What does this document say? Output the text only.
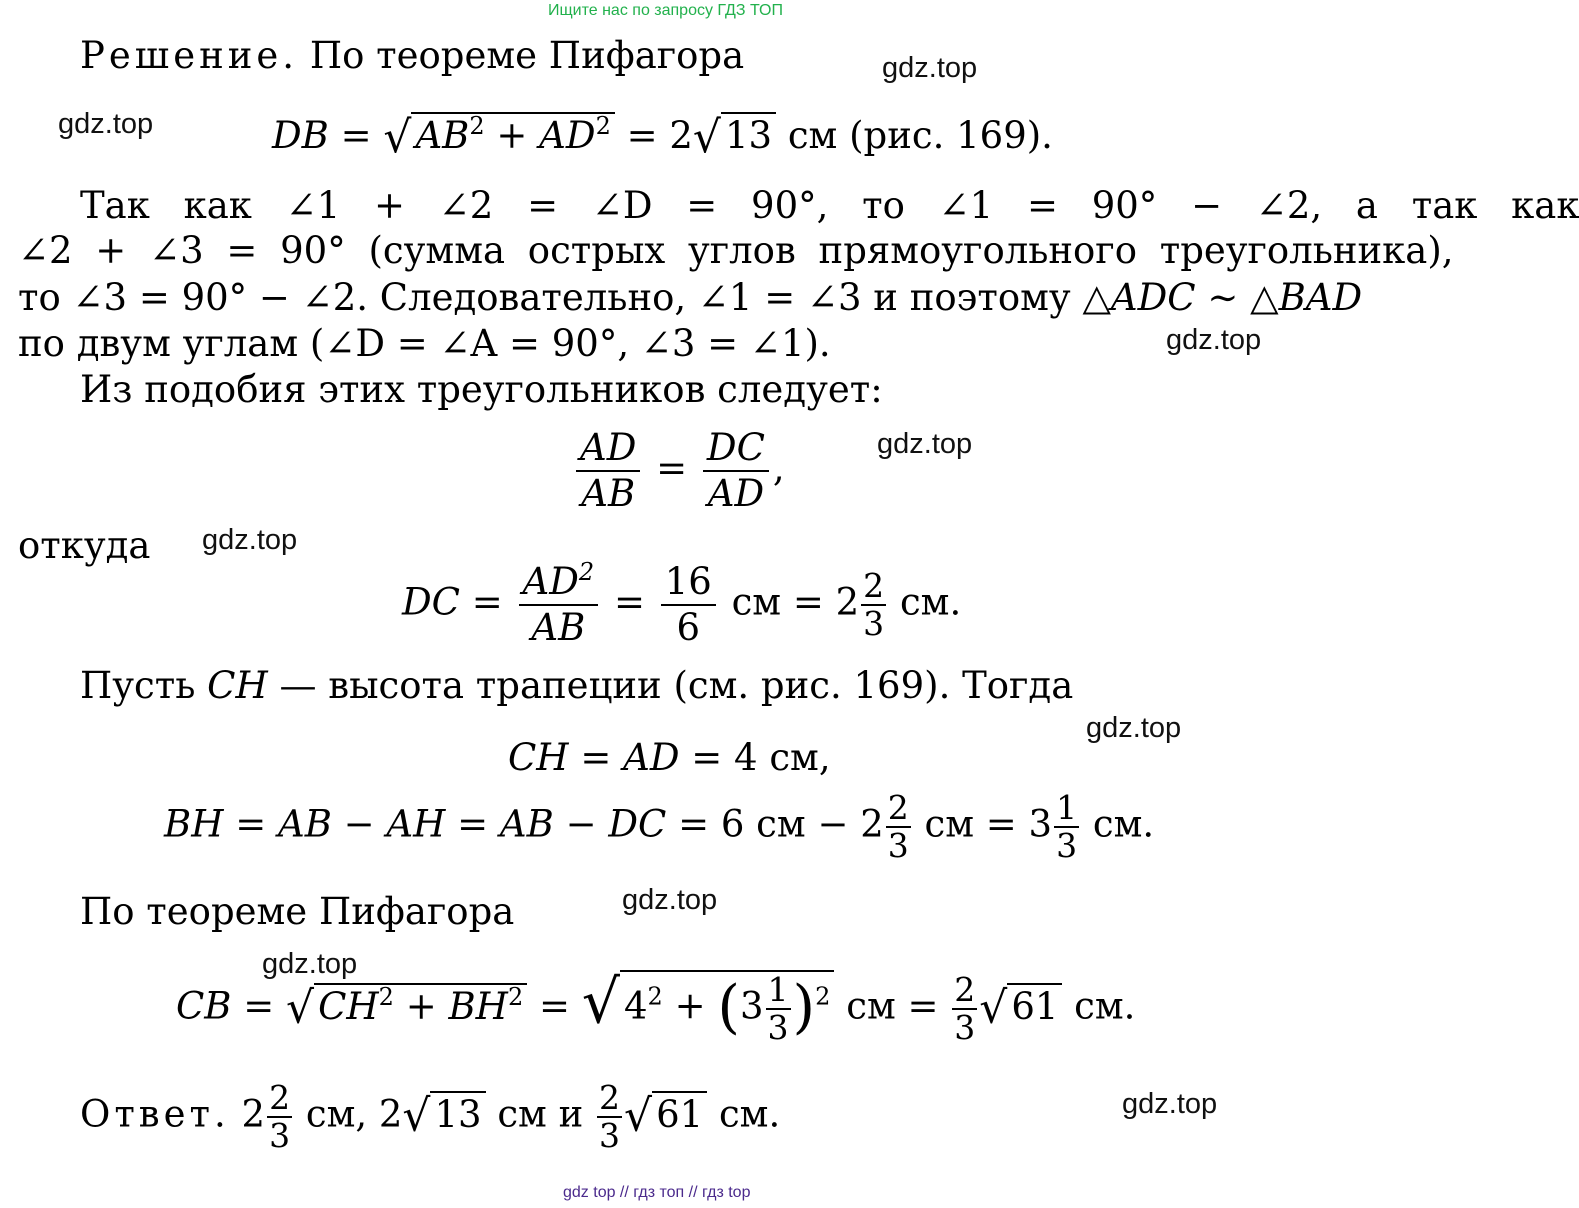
Ищите нас по запросу ГДЗ ТОП
gdz top // гдз топ // гдз top
gdz.top
gdz.top
gdz.top
gdz.top
gdz.top
gdz.top
gdz.top
gdz.top
gdz.top
Решение. По теореме Пифагора
DB = √ $AB^2 + AD^2 = 2√$ 13 см (рис. 169).
Так как ∠1 + ∠2 = ∠D = 90°, то ∠1 = 90° − ∠2, а так как
∠2 + ∠3 = 90° (сумма острых углов прямоугольного треугольника),
то ∠3 = 90° − ∠2. Следовательно, ∠1 = ∠3 и поэтому △ADC ∼ △BAD
по двум углам (∠D = ∠A = 90°, ∠3 = ∠1).
Из подобия этих треугольников следует:
$\frac{AD}{AB} = \frac{DC}{AD}$ ,
откуда
DC = $\frac{AD^2}{AB} = \frac{16}{6}$ см = $2 \frac{2}{3}$ см.
Пусть CH — высота трапеции (см. рис. 169). Тогда
CH = AD = 4 см,
BH = AB − AH = AB − DC = 6 см − $2 \frac{2}{3}$ см = $3 \frac{1}{3}$ см.
По теореме Пифагора
CB = √ $CH^2 + BH^2$ = √ $4^2 + (3 \frac{1}{3} )^2$ см = $\frac{2}{3}$ √ 61 см.
Ответ. $2 \frac{2}{3}$ см, 2√ 13 см и $\frac{2}{3}$ √ 61 см.
